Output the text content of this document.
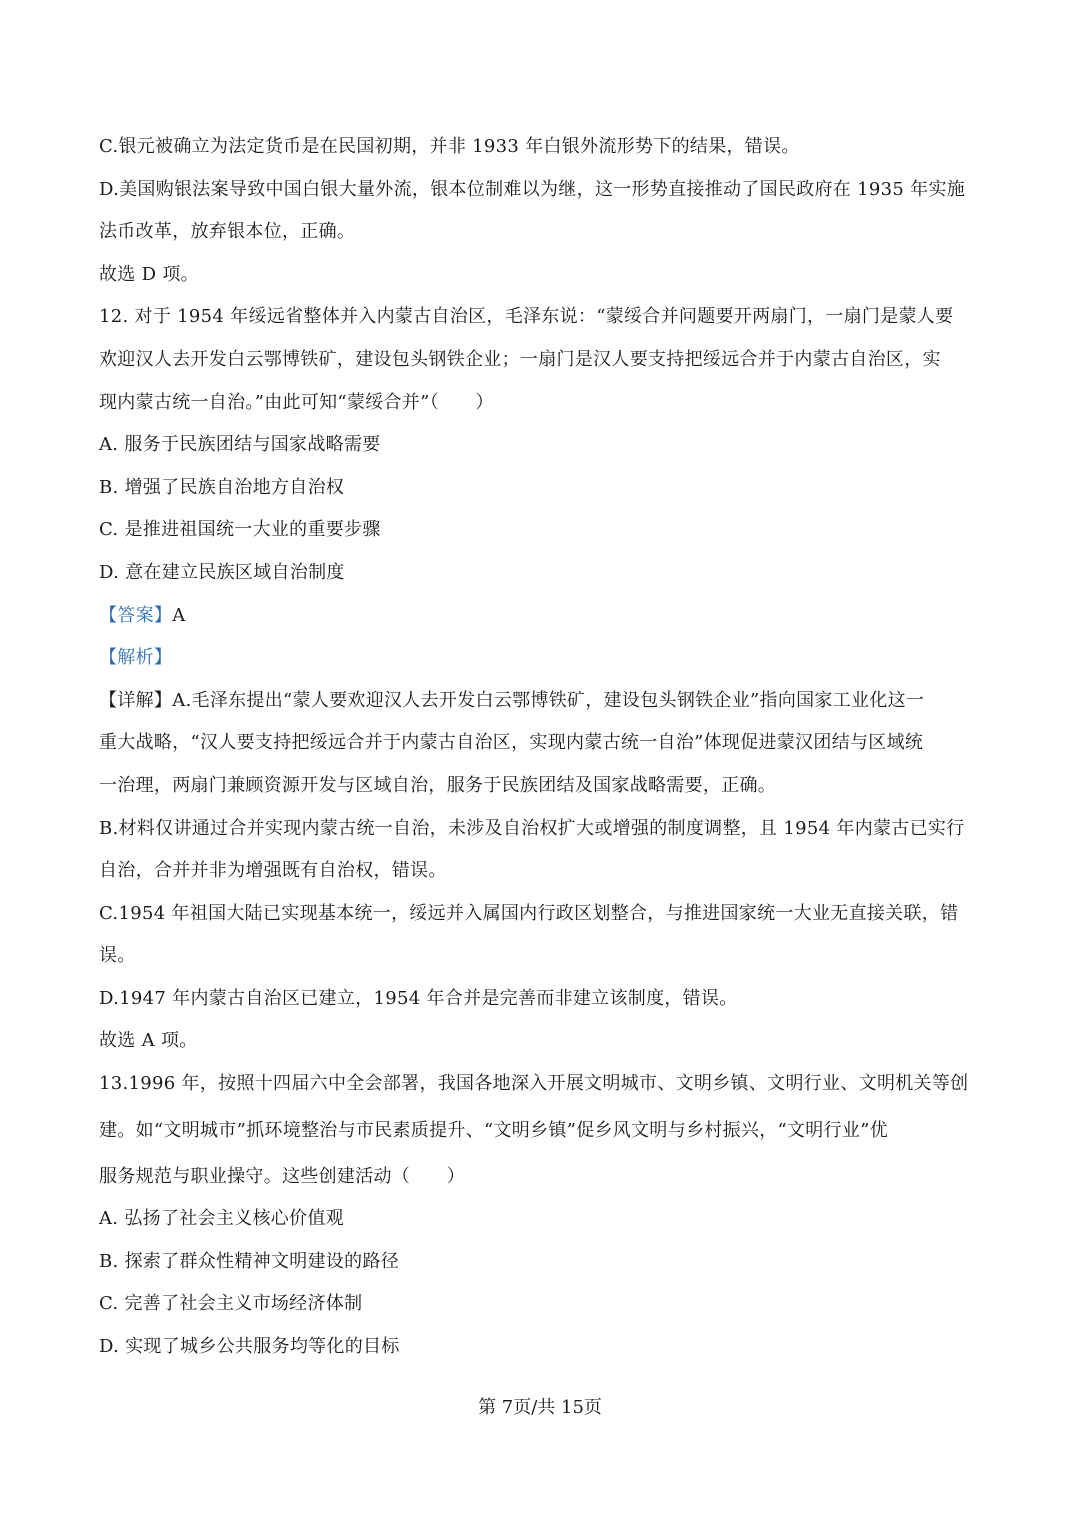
C.银元被确立为法定货币是在民国初期，并非 1933 年白银外流形势下的结果，错误。
D.美国购银法案导致中国白银大量外流，银本位制难以为继，这一形势直接推动了国民政府在 1935 年实施
法币改革，放弃银本位，正确。
故选 D 项。
12. 对于 1954 年绥远省整体并入内蒙古自治区，毛泽东说：“蒙绥合并问题要开两扇门，一扇门是蒙人要
欢迎汉人去开发白云鄂博铁矿，建设包头钢铁企业；一扇门是汉人要支持把绥远合并于内蒙古自治区，实
现内蒙古统一自治。”由此可知“蒙绥合并”（　　）
A. 服务于民族团结与国家战略需要
B. 增强了民族自治地方自治权
C. 是推进祖国统一大业的重要步骤
D. 意在建立民族区域自治制度
【答案】A
【解析】
【详解】A.毛泽东提出“蒙人要欢迎汉人去开发白云鄂博铁矿，建设包头钢铁企业”指向国家工业化这一
重大战略，“汉人要支持把绥远合并于内蒙古自治区，实现内蒙古统一自治”体现促进蒙汉团结与区域统
一治理，两扇门兼顾资源开发与区域自治，服务于民族团结及国家战略需要，正确。
B.材料仅讲通过合并实现内蒙古统一自治，未涉及自治权扩大或增强的制度调整，且 1954 年内蒙古已实行
自治，合并并非为增强既有自治权，错误。
C.1954 年祖国大陆已实现基本统一，绥远并入属国内行政区划整合，与推进国家统一大业无直接关联，错
误。
D.1947 年内蒙古自治区已建立，1954 年合并是完善而非建立该制度，错误。
故选 A 项。
13.1996 年，按照十四届六中全会部署，我国各地深入开展文明城市、文明乡镇、文明行业、文明机关等创
建。如“文明城市”抓环境整治与市民素质提升、“文明乡镇”促乡风文明与乡村振兴，“文明行业”优
服务规范与职业操守。这些创建活动（　　）
A. 弘扬了社会主义核心价值观
B. 探索了群众性精神文明建设的路径
C. 完善了社会主义市场经济体制
D. 实现了城乡公共服务均等化的目标
第 7页/共 15页
